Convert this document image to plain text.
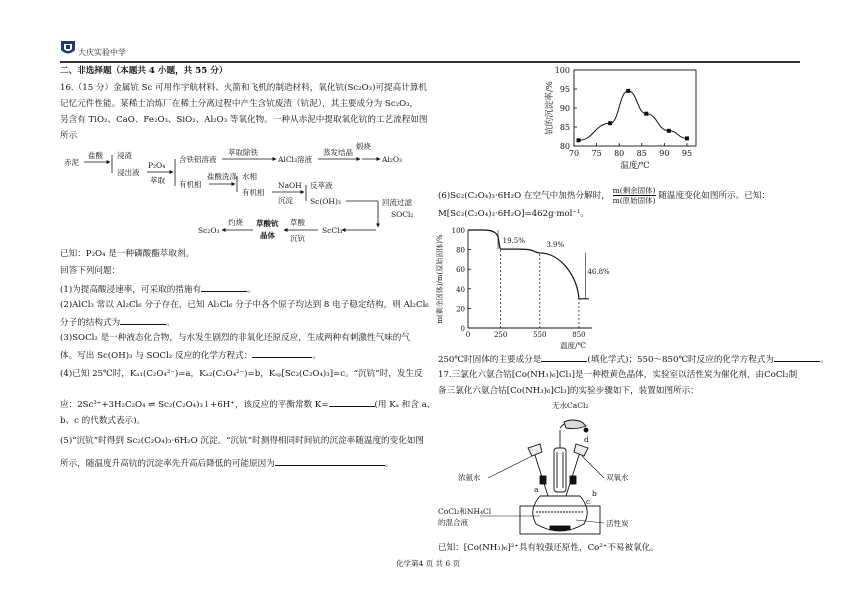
大庆实验中学
二、非选择题（本题共 4 小题，共 55 分）
16.（15 分）金属钪 Sc 可用作宇航材料、火箭和飞机的制造材料，氧化钪(Sc₂O₃)可提高计算机
记忆元件性能。某稀土冶炼厂在稀土分离过程中产生含钪废渣（钪泥），其主要成分为 Sc₂O₃，
另含有 TiO₂、CaO、Fe₂O₃、SiO₂、Al₂O₃ 等氧化物。一种从赤泥中提取氧化钪的工艺流程如图
所示
赤泥
盐酸 浸渣
浸出液
P₂O₄
萃取
含铁铝溶液
萃取除铁
AlCl₃溶液
蒸发结晶
煅烧
Al₂O₃
有机相
盐酸洗涤 水相
有机相
NaOH
沉淀
反萃液
Sc(OH)₃	回流过滤
SOCl₂
ScCl₃
草酸
沉钪
草酸钪
晶体
灼烧
Sc₂O₃
已知：P₂O₄ 是一种磷酸酯萃取剂。
回答下列问题：
(1)为提高酸浸速率，可采取的措施有	。
(2)AlCl₃ 常以 Al₂Cl₆ 分子存在，已知 Al₂Cl₆ 分子中各个原子均达到 8 电子稳定结构，则 Al₂Cl₆
分子的结构式为	。
(3)SOCl₂ 是一种液态化合物，与水发生剧烈的非氧化还原反应，生成两种有刺激性气味的气
体。写出 Sc(OH)₃ 与 SOCl₂ 反应的化学方程式：	。
(4)已知 25℃时，Kₐ₁(C₂O₄²⁻)=a，Kₐ₂(C₂O₄²⁻)=b，Kₛₚ[Sc₂(C₂O₄)₃]=c。“沉钪”时，发生反
应：2Sc³⁺+3H₂C₂O₄ ⇌ Sc₂(C₂O₄)₃↓+6H⁺，该反应的平衡常数 K=	(用 Kₐ 和含 a、
b、c 的代数式表示)。
(5)“沉钪”时得到 Sc₂(C₂O₄)₃·6H₂O 沉淀。“沉钪”时测得相同时间钪的沉淀率随温度的变化如图
所示，随温度升高钪的沉淀率先升高后降低的可能原因为	。
80
85
90
95
100
70 75 80 85 90 95
温度/℃
钪的沉淀率/%
(6)Sc₂(C₂O₄)₃·6H₂O 在空气中加热分解时，
m(剩余固体)
m(原始固体) 随温度变化如图所示。已知：
M[Sc₂(C₂O₄)₃·6H₂O]=462g·mol⁻¹。
0
20
40
60
80
100
0	250	550	850
19.5%
3.9%
46.8%
温度/℃
m(剩余固体)/m(原始固体)%
250℃时固体的主要成分是	(填化学式)；550～850℃时反应的化学方程式为	。
17.三氯化六氨合钴[Co(NH₃)₆]Cl₃]是一种橙黄色晶体，实验室以活性炭为催化剂，由CoCl₂制
备三氯化六氨合钴[Co(NH₃)₆]Cl₃]的实验步骤如下，装置如图所示：
无水CaCl₂
d
浓氨水	双氧水
a	b
c
CoCl₂和NH₄Cl
的混合液	活性炭
已知：[Co(NH₃)₆]²⁺具有较强还原性，Co²⁺不易被氧化。
化学第4 页 共 6 页
